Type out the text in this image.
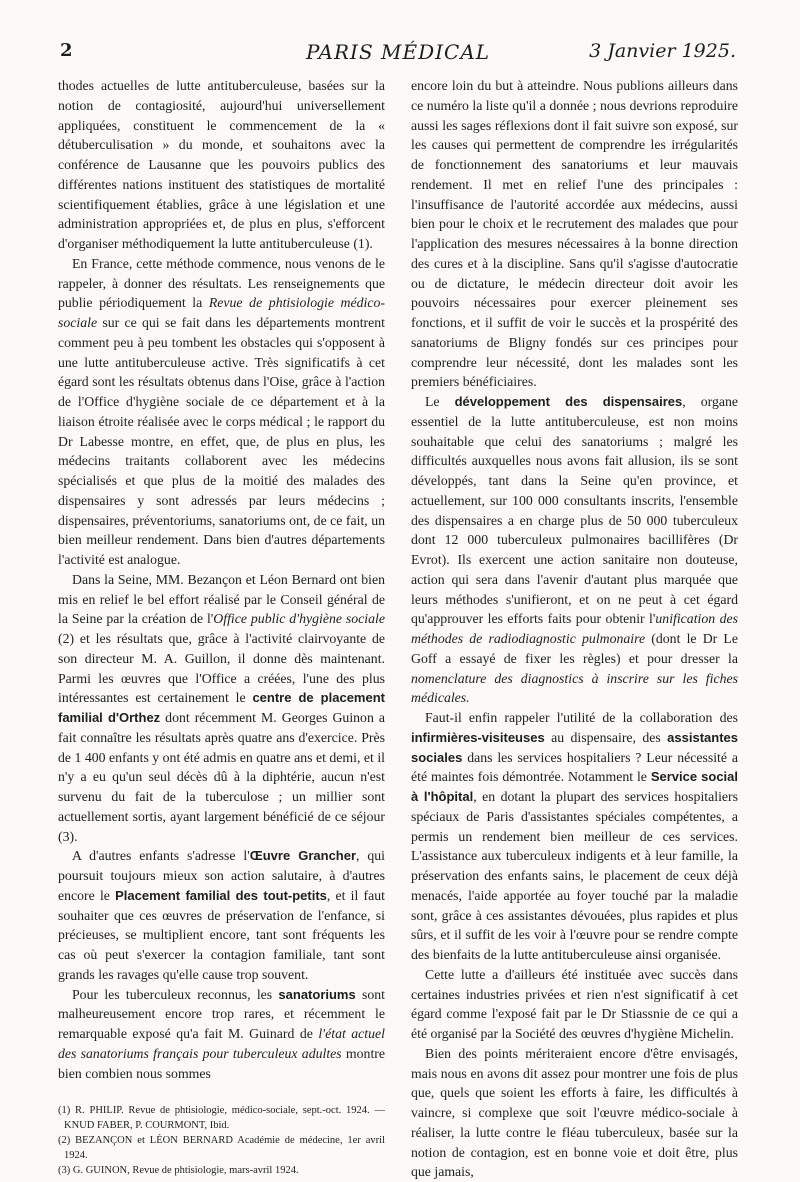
2	PARIS MÉDICAL	3 Janvier 1925.

thodes actuelles de lutte antituberculeuse, basées sur la notion de contagiosité, aujourd'hui universellement appliquées, constituent le commencement de la « détuberculisation » du monde, et souhaitons avec la conférence de Lausanne que les pouvoirs publics des différentes nations instituent des statistiques de mortalité scientifiquement établies, grâce à une législation et une administration appropriées et, de plus en plus, s'efforcent d'organiser méthodiquement la lutte antituberculeuse (1).

En France, cette méthode commence, nous venons de le rappeler, à donner des résultats. Les renseignements que publie périodiquement la Revue de phtisiologie médico-sociale sur ce qui se fait dans les départements montrent comment peu à peu tombent les obstacles qui s'opposent à une lutte antituberculeuse active. Très significatifs à cet égard sont les résultats obtenus dans l'Oise, grâce à l'action de l'Office d'hygiène sociale de ce département et à la liaison étroite réalisée avec le corps médical ; le rapport du Dr Labesse montre, en effet, que, de plus en plus, les médecins traitants collaborent avec les médecins spécialisés et que plus de la moitié des malades des dispensaires y sont adressés par leurs médecins ; dispensaires, préventoriums, sanatoriums ont, de ce fait, un bien meilleur rendement. Dans bien d'autres départements l'activité est analogue.

Dans la Seine, MM. Bezançon et Léon Bernard ont bien mis en relief le bel effort réalisé par le Conseil général de la Seine par la création de l'Office public d'hygiène sociale (2) et les résultats que, grâce à l'activité clairvoyante de son directeur M. A. Guillon, il donne dès maintenant. Parmi les œuvres que l'Office a créées, l'une des plus intéressantes est certainement le centre de placement familial d'Orthez dont récemment M. Georges Guinon a fait connaître les résultats après quatre ans d'exercice. Près de 1 400 enfants y ont été admis en quatre ans et demi, et il n'y a eu qu'un seul décès dû à la diphtérie, aucun n'est survenu du fait de la tuberculose ; un millier sont actuellement sortis, ayant largement bénéficié de ce séjour (3).

A d'autres enfants s'adresse l'Œuvre Grancher, qui poursuit toujours mieux son action salutaire, à d'autres encore le Placement familial des tout-petits, et il faut souhaiter que ces œuvres de préservation de l'enfance, si précieuses, se multiplient encore, tant sont fréquents les cas où peut s'exercer la contagion familiale, tant sont grands les ravages qu'elle cause trop souvent.

Pour les tuberculeux reconnus, les sanatoriums sont malheureusement encore trop rares, et récemment le remarquable exposé qu'a fait M. Guinard de l'état actuel des sanatoriums français pour tuberculeux adultes montre bien combien nous sommes

(1) R. PHILIP. Revue de phtisiologie, médico-sociale, sept.-oct. 1924. — KNUD FABER, P. COURMONT, Ibid.
(2) BEZANÇON et LÉON BERNARD Académie de médecine, 1er avril 1924.
(3) G. GUINON, Revue de phtisiologie, mars-avril 1924.

encore loin du but à atteindre. Nous publions ailleurs dans ce numéro la liste qu'il a donnée ; nous devrions reproduire aussi les sages réflexions dont il fait suivre son exposé, sur les causes qui permettent de comprendre les irrégularités de fonctionnement des sanatoriums et leur mauvais rendement. Il met en relief l'une des principales : l'insuffisance de l'autorité accordée aux médecins, aussi bien pour le choix et le recrutement des malades que pour l'application des mesures nécessaires à la bonne direction des cures et à la discipline. Sans qu'il s'agisse d'autocratie ou de dictature, le médecin directeur doit avoir les pouvoirs nécessaires pour exercer pleinement ses fonctions, et il suffit de voir le succès et la prospérité des sanatoriums de Bligny fondés sur ces principes pour comprendre leur nécessité, dont les malades sont les premiers bénéficiaires.

Le développement des dispensaires, organe essentiel de la lutte antituberculeuse, est non moins souhaitable que celui des sanatoriums ; malgré les difficultés auxquelles nous avons fait allusion, ils se sont développés, tant dans la Seine qu'en province, et actuellement, sur 100 000 consultants inscrits, l'ensemble des dispensaires a en charge plus de 50 000 tuberculeux dont 12 000 tuberculeux pulmonaires bacillifères (Dr Evrot). Ils exercent une action sanitaire non douteuse, action qui sera dans l'avenir d'autant plus marquée que leurs méthodes s'unifieront, et on ne peut à cet égard qu'approuver les efforts faits pour obtenir l'unification des méthodes de radiodiagnostic pulmonaire (dont le Dr Le Goff a essayé de fixer les règles) et pour dresser la nomenclature des diagnostics à inscrire sur les fiches médicales.

Faut-il enfin rappeler l'utilité de la collaboration des infirmières-visiteuses au dispensaire, des assistantes sociales dans les services hospitaliers ? Leur nécessité a été maintes fois démontrée. Notamment le Service social à l'hôpital, en dotant la plupart des services hospitaliers spéciaux de Paris d'assistantes spéciales compétentes, a permis un rendement bien meilleur de ces services. L'assistance aux tuberculeux indigents et à leur famille, la préservation des enfants sains, le placement de ceux déjà menacés, l'aide apportée au foyer touché par la maladie sont, grâce à ces assistantes dévouées, plus rapides et plus sûrs, et il suffit de les voir à l'œuvre pour se rendre compte des bienfaits de la lutte antituberculeuse ainsi organisée.

Cette lutte a d'ailleurs été instituée avec succès dans certaines industries privées et rien n'est significatif à cet égard comme l'exposé fait par le Dr Stiassnie de ce qui a été organisé par la Société des œuvres d'hygiène Michelin.

Bien des points mériteraient encore d'être envisagés, mais nous en avons dit assez pour montrer une fois de plus que, quels que soient les efforts à faire, les difficultés à vaincre, si complexe que soit l'œuvre médico-sociale à réaliser, la lutte contre le fléau tuberculeux, basée sur la notion de contagion, est en bonne voie et doit être, plus que jamais,
